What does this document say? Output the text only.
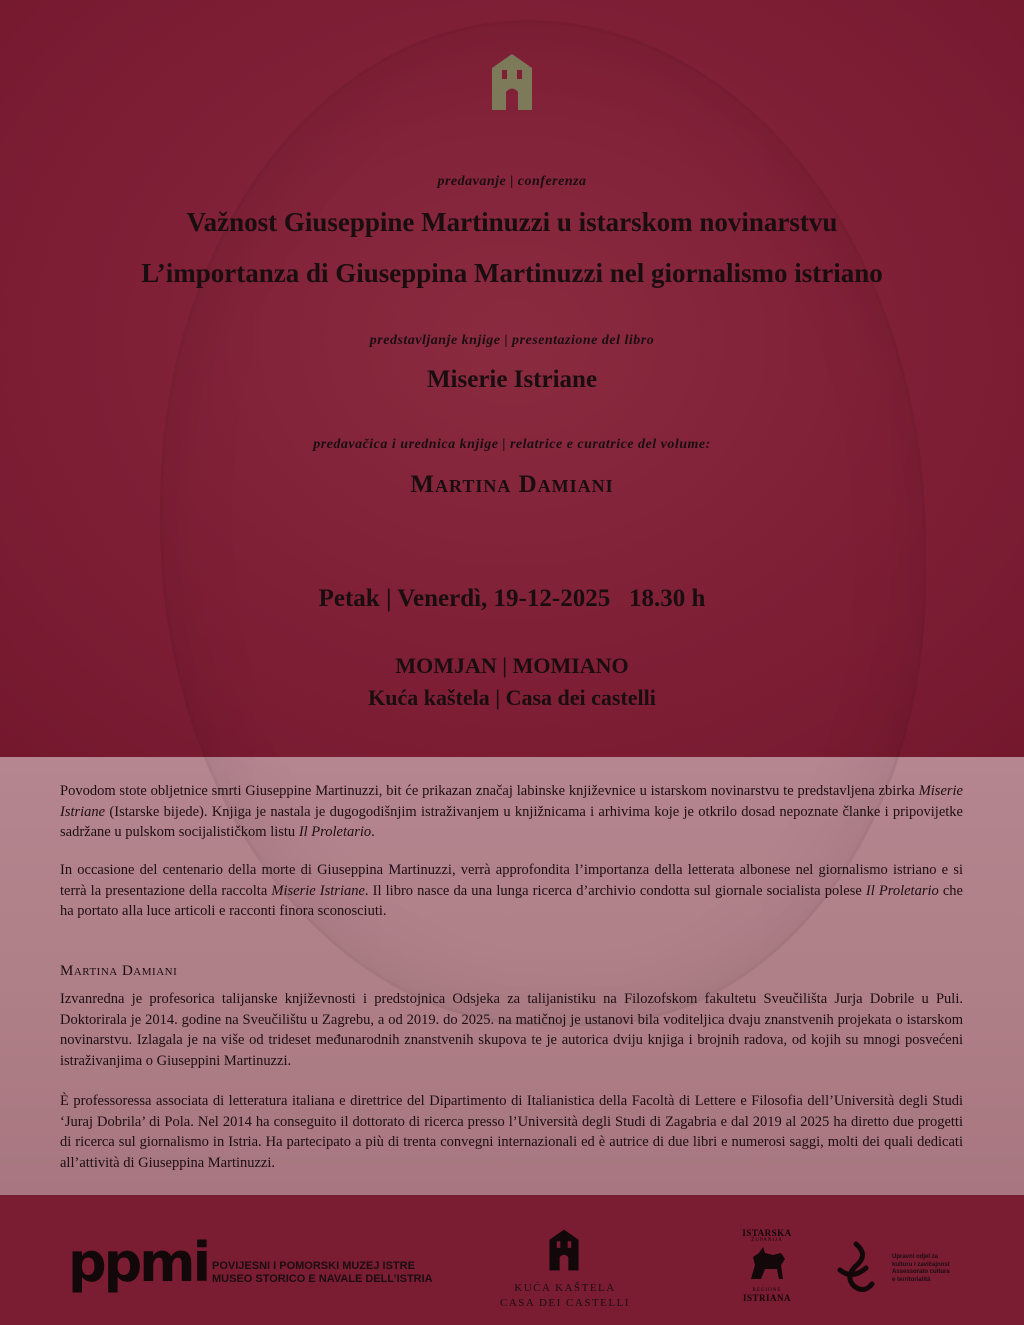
predavanje | conferenza
Važnost Giuseppine Martinuzzi u istarskom novinarstvu
L’importanza di Giuseppina Martinuzzi nel giornalismo istriano
predstavljanje knjige | presentazione del libro
Miserie Istriane
predavačica i urednica knjige | relatrice e curatrice del volume:
Martina Damiani
Petak | Venerdì, 19-12-2025   18.30 h
MOMJAN | MOMIANO
Kuća kaštela | Casa dei castelli
Povodom stote obljetnice smrti Giuseppine Martinuzzi, bit će prikazan značaj labinske književnice u istarskom novinarstvu te predstavljena zbirka Miserie Istriane (Istarske bijede). Knjiga je nastala je dugogodišnjim istraživanjem u knjižnicama i arhivima koje je otkrilo dosad nepoznate članke i pripovijetke sadržane u pulskom socijalističkom listu Il Proletario.
In occasione del centenario della morte di Giuseppina Martinuzzi, verrà approfondita l’importanza della letterata albonese nel giornalismo istriano e si terrà la presentazione della raccolta Miserie Istriane. Il libro nasce da una lunga ricerca d’archivio condotta sul giornale socialista polese Il Proletario che ha portato alla luce articoli e racconti finora sconosciuti.
Martina Damiani
Izvanredna je profesorica talijanske književnosti i predstojnica Odsjeka za talijanistiku na Filozofskom fakultetu Sveučilišta Jurja Dobrile u Puli. Doktorirala je 2014. godine na Sveučilištu u Zagrebu, a od 2019. do 2025. na matičnoj je ustanovi bila voditeljica dvaju znanstvenih projekata o istarskom novinarstvu. Izlagala je na više od trideset međunarodnih znanstvenih skupova te je autorica dviju knjiga i brojnih radova, od kojih su mnogi posvećeni istraživanjima o Giuseppini Martinuzzi.
È professoressa associata di letteratura italiana e direttrice del Dipartimento di Italianistica della Facoltà di Lettere e Filosofia dell’Università degli Studi ‘Juraj Dobrila’ di Pola. Nel 2014 ha conseguito il dottorato di ricerca presso l’Università degli Studi di Zagabria e dal 2019 al 2025 ha diretto due progetti di ricerca sul giornalismo in Istria. Ha partecipato a più di trenta convegni internazionali ed è autrice di due libri e numerosi saggi, molti dei quali dedicati all’attività di Giuseppina Martinuzzi.
ppmi POVIJESNI I POMORSKI MUZEJ ISTRE
MUSEO STORICO E NAVALE DELL’ISTRIA
KUĆA KAŠTELA
CASA DEI CASTELLI
ISTARSKA
ŽUPANIJA
REGIONE
ISTRIANA
Upravni odjel za
kulturu i zavičajnost
Assessorato cultura
e territorialità
